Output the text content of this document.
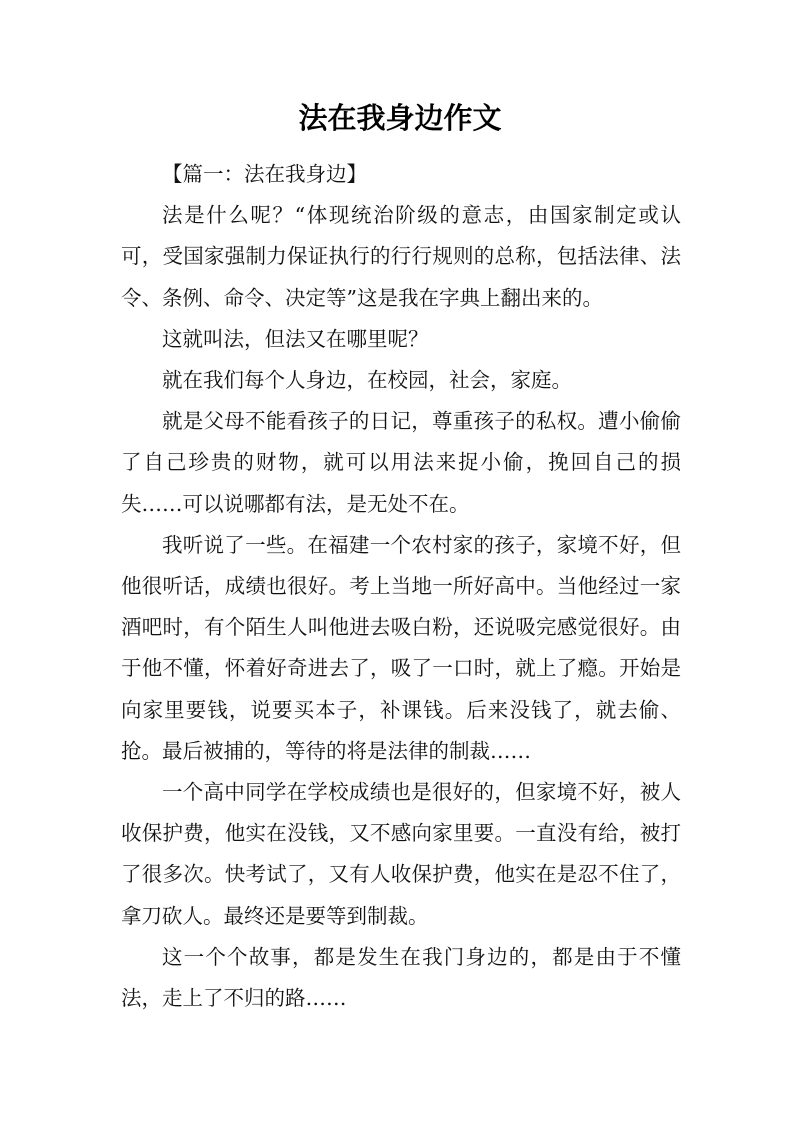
法在我身边作文

【篇一：法在我身边】

法是什么呢？“体现统治阶级的意志，由国家制定或认可，受国家强制力保证执行的行行规则的总称，包括法律、法令、条例、命令、决定等”这是我在字典上翻出来的。

这就叫法，但法又在哪里呢？

就在我们每个人身边，在校园，社会，家庭。

就是父母不能看孩子的日记，尊重孩子的私权。遭小偷偷了自己珍贵的财物，就可以用法来捉小偷，挽回自己的损失……可以说哪都有法，是无处不在。

我听说了一些。在福建一个农村家的孩子，家境不好，但他很听话，成绩也很好。考上当地一所好高中。当他经过一家酒吧时，有个陌生人叫他进去吸白粉，还说吸完感觉很好。由于他不懂，怀着好奇进去了，吸了一口时，就上了瘾。开始是向家里要钱，说要买本子，补课钱。后来没钱了，就去偷、抢。最后被捕的，等待的将是法律的制裁……

一个高中同学在学校成绩也是很好的，但家境不好，被人收保护费，他实在没钱，又不感向家里要。一直没有给，被打了很多次。快考试了，又有人收保护费，他实在是忍不住了，拿刀砍人。最终还是要等到制裁。

这一个个故事，都是发生在我门身边的，都是由于不懂法，走上了不归的路……
